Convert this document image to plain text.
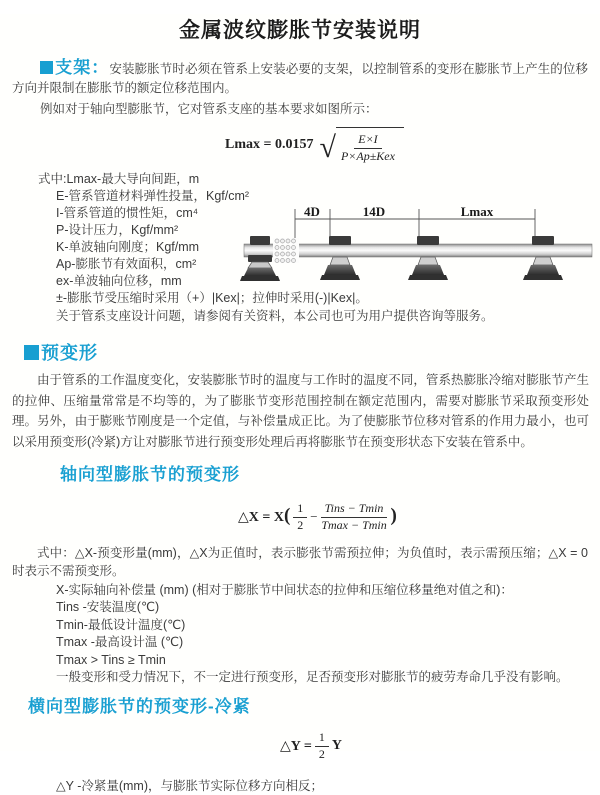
金属波纹膨胀节安装说明

支架：安装膨胀节时必须在管系上安装必要的支架，以控制管系的变形在膨胀节上产生的位移方向并限制在膨胀节的额定位移范围内。

例如对于轴向型膨胀节，它对管系支座的基本要求如图所示：

Lmax = 0.0157 √ $\frac{E\times I}{\text{P×Ap±Kex}}$
式中:Lmax-最大导向间距，m
E-管系管道材料弹性投量，Kgf/cm²
I-管系管道的惯性矩，cm⁴
P-设计压力，Kgf/mm²
K-单波轴向刚度；Kgf/mm
Ap-膨胀节有效面积，cm²
ex-单波轴向位移，mm
±-膨胀节受压缩时采用（+）|Kex|；拉伸时采用(-)|Kex|。
关于管系支座设计问题，请参阅有关资料，本公司也可为用户提供咨询等服务。
4D	14D	Lmax
预变形

由于管系的工作温度变化，安装膨胀节时的温度与工作时的温度不同，管系热膨胀冷缩对膨胀节产生的拉伸、压缩量常常是不均等的，为了膨胀节变形范围控制在额定范围内，需要对膨胀节采取预变形处理。另外，由于膨账节刚度是一个定值，与补偿量成正比。为了使膨胀节位移对管系的作用力最小，也可以采用预变形(冷紧)方让对膨胀节进行预变形处理后再将膨胀节在预变形状态下安装在管系中。

轴向型膨胀节的预变形
△X = X ( $\frac{1}{2} - \frac{\text{Tins − Tmin}}{Tmax - Tmin}$ )

式中：△X-预变形量(mm)，△X为正值时，表示膨张节需预拉伸；为负值时，表示需预压缩；△X = 0时表示不需预变形。

X-实际轴向补偿量 (mm) (相对于膨胀节中间状态的拉伸和压缩位移量绝对值之和)：
Tins -安装温度(℃)
Tmin-最低设计温度(℃)
Tmax -最高设计温 (℃)
Tmax > Tins ≥ Tmin
一般变形和受力情况下，不一定进行预变形，足否预变形对膨胀节的疲劳寿命几乎没有影响。
横向型膨胀节的预变形-冷紧
△Y = $\frac{1}{2}$ Y
△Y -冷紧量(mm)，与膨胀节实际位移方向相反；
